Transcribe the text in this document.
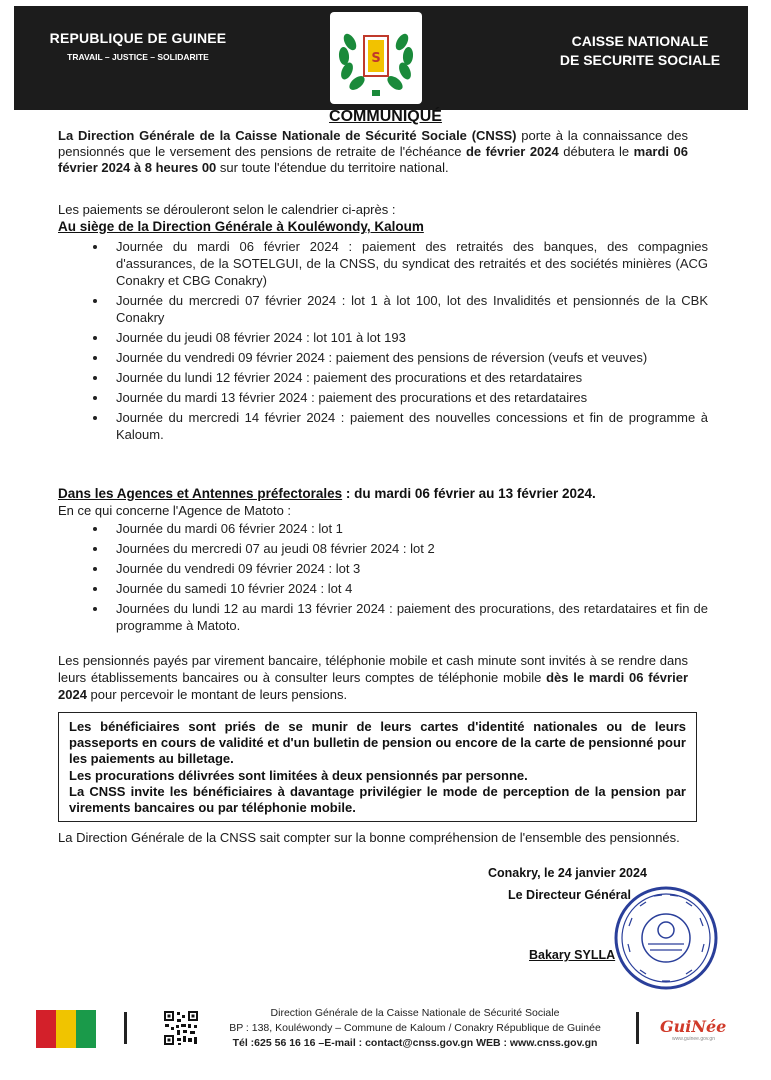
REPUBLIQUE DE GUINEE
TRAVAIL – JUSTICE – SOLIDARITE	S
CAISSE NATIONALE
DE SECURITE SOCIALE
COMMUNIQUÉ
La Direction Générale de la Caisse Nationale de Sécurité Sociale (CNSS) porte à la connaissance des pensionnés que le versement des pensions de retraite de l'échéance de février 2024 débutera le mardi 06 février 2024 à 8 heures 00 sur toute l'étendue du territoire national.
Les paiements se dérouleront selon le calendrier ci-après :
Au siège de la Direction Générale à Kouléwondy, Kaloum
• Journée du mardi 06 février 2024 : paiement des retraités des banques, des compagnies d'assurances, de la SOTELGUI, de la CNSS, du syndicat des retraités et des sociétés minières (ACG Conakry et CBG Conakry)
• Journée du mercredi 07 février 2024 : lot 1 à lot 100, lot des Invalidités et pensionnés de la CBK Conakry
• Journée du jeudi 08 février 2024 : lot 101 à lot 193
• Journée du vendredi 09 février 2024 : paiement des pensions de réversion (veufs et veuves)
• Journée du lundi 12 février 2024 : paiement des procurations et des retardataires
• Journée du mardi 13 février 2024 : paiement des procurations et des retardataires
• Journée du mercredi 14 février 2024 : paiement des nouvelles concessions et fin de programme à Kaloum.
Dans les Agences et Antennes préfectorales : du mardi 06 février au 13 février 2024.
En ce qui concerne l'Agence de Matoto :
• Journée du mardi 06 février 2024 : lot 1
• Journées du mercredi 07 au jeudi 08 février 2024 : lot 2
• Journée du vendredi 09 février 2024 : lot 3
• Journée du samedi 10 février 2024 : lot 4
• Journées du lundi 12 au mardi 13 février 2024 : paiement des procurations, des retardataires et fin de programme à Matoto.
Les pensionnés payés par virement bancaire, téléphonie mobile et cash minute sont invités à se rendre dans leurs établissements bancaires ou à consulter leurs comptes de téléphonie mobile dès le mardi 06 février 2024 pour percevoir le montant de leurs pensions.

Les bénéficiaires sont priés de se munir de leurs cartes d'identité nationales ou de leurs passeports en cours de validité et d'un bulletin de pension ou encore de la carte de pensionné pour les paiements au billetage.

Les procurations délivrées sont limitées à deux pensionnés par personne.

La CNSS invite les bénéficiaires à davantage privilégier le mode de perception de la pension par virements bancaires ou par téléphonie mobile.

La Direction Générale de la CNSS sait compter sur la bonne compréhension de l'ensemble des pensionnés.
Conakry, le 24 janvier 2024
Le Directeur Général
Bakary SYLLA
Direction Générale de la Caisse Nationale de Sécurité Sociale
BP : 138, Kouléwondy – Commune de Kaloum / Conakry République de Guinée
Tél :625 56 16 16 –E-mail : contact@cnss.gov.gn WEB : www.cnss.gov.gn
GuiNée
www.guinee.gov.gn
